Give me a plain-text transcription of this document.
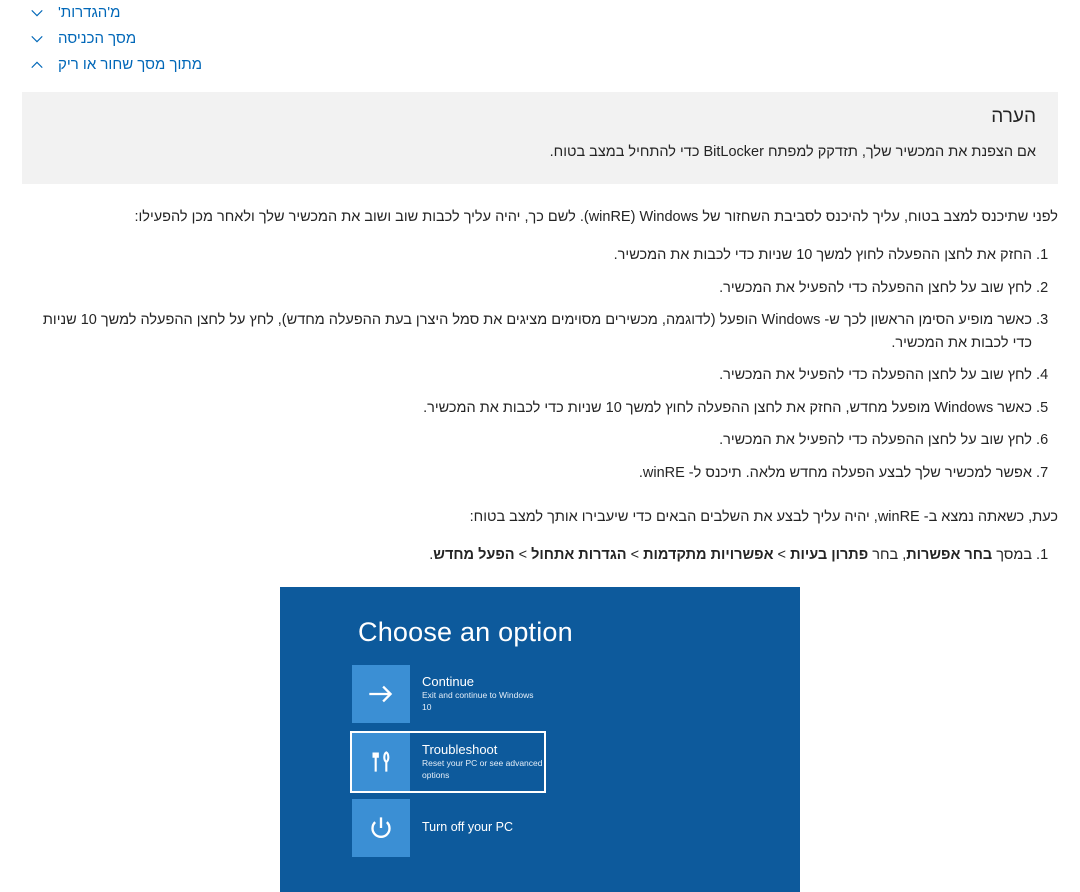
מ'הגדרות'
מסך הכניסה
מתוך מסך שחור או ריק
הערה
אם הצפנת את המכשיר שלך, תזדקק למפתח BitLocker כדי להתחיל במצב בטוח.

לפני שתיכנס למצב בטוח, עליך להיכנס לסביבת השחזור של Windows ‏(winRE). לשם כך, יהיה עליך לכבות שוב ושוב את המכשיר שלך ולאחר מכן להפעילו:

1. החזק את לחצן ההפעלה לחוץ למשך 10 שניות כדי לכבות את המכשיר.
2. לחץ שוב על לחצן ההפעלה כדי להפעיל את המכשיר.
3. כאשר מופיע הסימן הראשון לכך ש- Windows הופעל (לדוגמה, מכשירים מסוימים מציגים את סמל היצרן בעת ההפעלה מחדש), לחץ על לחצן ההפעלה למשך 10 שניות כדי לכבות את המכשיר.
4. לחץ שוב על לחצן ההפעלה כדי להפעיל את המכשיר.
5. כאשר Windows מופעל מחדש, החזק את לחצן ההפעלה לחוץ למשך 10 שניות כדי לכבות את המכשיר.
6. לחץ שוב על לחצן ההפעלה כדי להפעיל את המכשיר.
7. אפשר למכשיר שלך לבצע הפעלה מחדש מלאה. תיכנס ל- winRE.

כעת, כשאתה נמצא ב- winRE, יהיה עליך לבצע את השלבים הבאים כדי שיעבירו אותך למצב בטוח:

1. במסך בחר אפשרות, בחר פתרון בעיות ‏> אפשרויות מתקדמות ‏> הגדרות אתחול ‏> הפעל מחדש.
Choose an option
Continue
Exit and continue to Windows 10
Troubleshoot
Reset your PC or see advanced options
Turn off your PC
